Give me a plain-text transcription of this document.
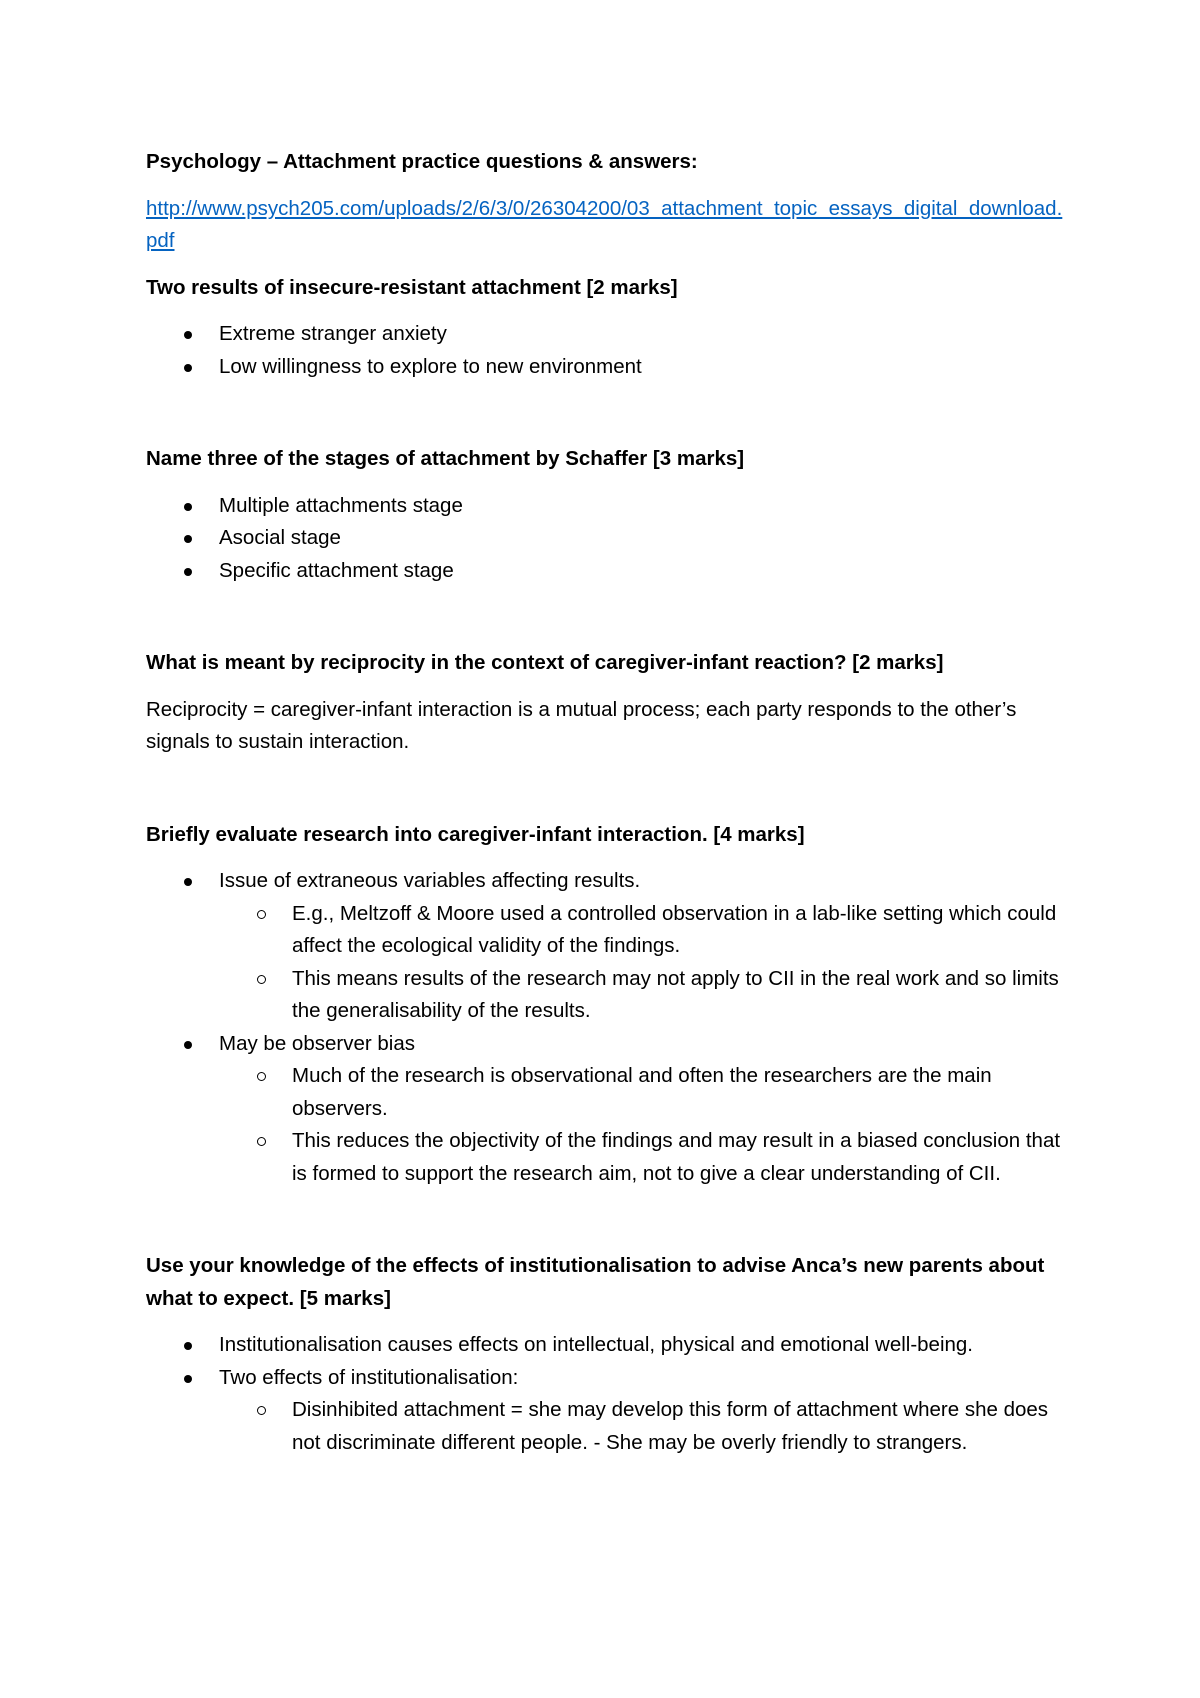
Psychology – Attachment practice questions & answers:

http://www.psych205.com/uploads/2/6/3/0/26304200/03_attachment_topic_essays_digital_download.pdf

Two results of insecure-resistant attachment [2 marks]

Extreme stranger anxiety
Low willingness to explore to new environment

Name three of the stages of attachment by Schaffer [3 marks]

Multiple attachments stage
Asocial stage
Specific attachment stage

What is meant by reciprocity in the context of caregiver-infant reaction? [2 marks]

Reciprocity = caregiver-infant interaction is a mutual process; each party responds to the other’s signals to sustain interaction.

Briefly evaluate research into caregiver-infant interaction. [4 marks]

Issue of extraneous variables affecting results.
E.g., Meltzoff & Moore used a controlled observation in a lab-like setting which could affect the ecological validity of the findings.
This means results of the research may not apply to CII in the real work and so limits the generalisability of the results.
May be observer bias
Much of the research is observational and often the researchers are the main observers.
This reduces the objectivity of the findings and may result in a biased conclusion that is formed to support the research aim, not to give a clear understanding of CII.

Use your knowledge of the effects of institutionalisation to advise Anca’s new parents about what to expect. [5 marks]

Institutionalisation causes effects on intellectual, physical and emotional well-being.
Two effects of institutionalisation:
Disinhibited attachment = she may develop this form of attachment where she does not discriminate different people. - She may be overly friendly to strangers.
